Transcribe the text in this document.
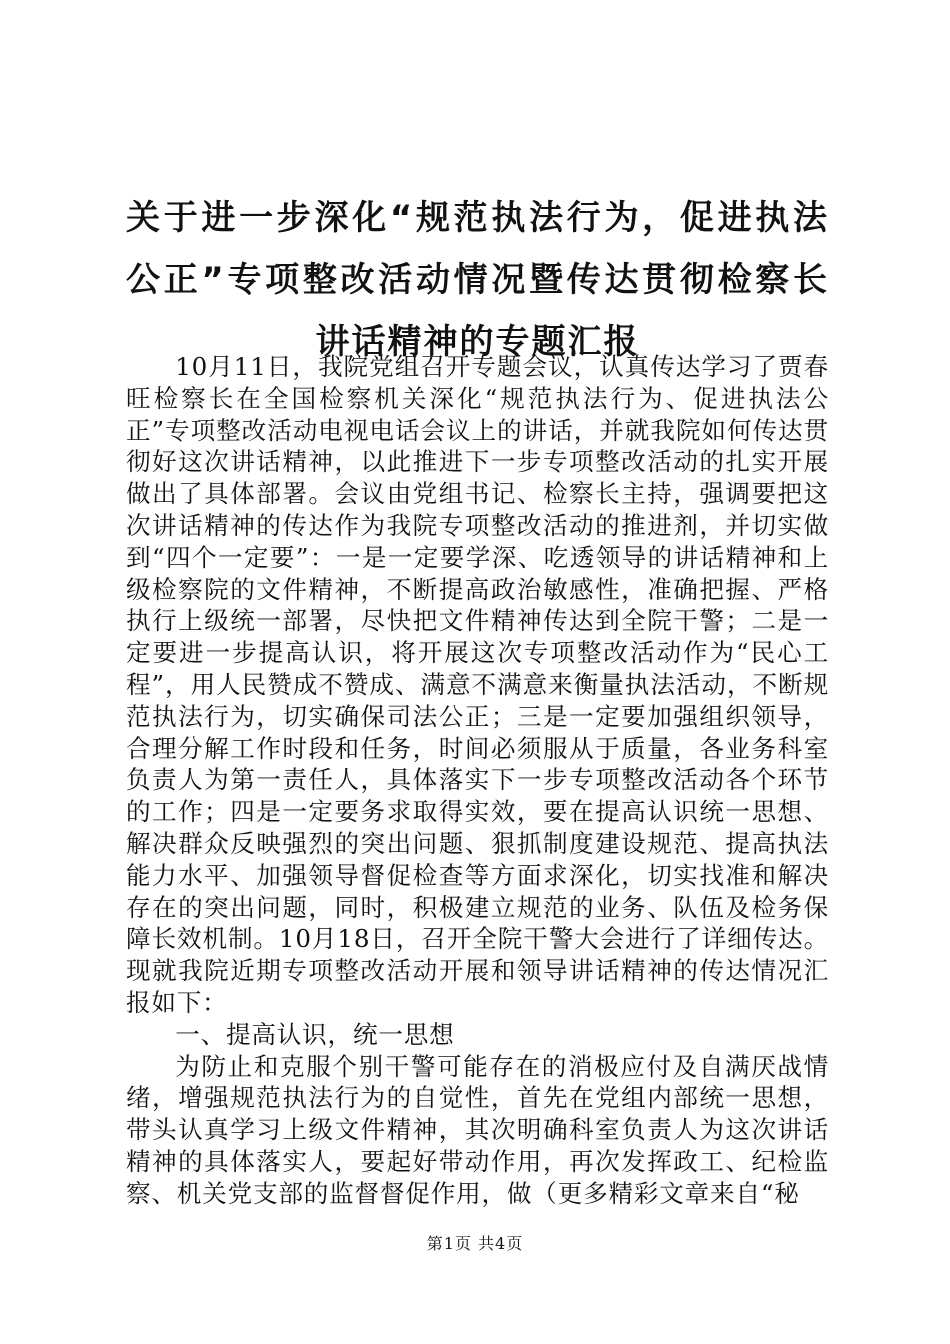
关于进一步深化“规范执法行为，促进执法公正”专项整改活动情况暨传达贯彻检察长讲话精神的专题汇报

10月11日，我院党组召开专题会议，认真传达学习了贾春旺检察长在全国检察机关深化“规范执法行为、促进执法公正”专项整改活动电视电话会议上的讲话，并就我院如何传达贯彻好这次讲话精神，以此推进下一步专项整改活动的扎实开展做出了具体部署。会议由党组书记、检察长主持，强调要把这次讲话精神的传达作为我院专项整改活动的推进剂，并切实做到“四个一定要”：一是一定要学深、吃透领导的讲话精神和上级检察院的文件精神，不断提高政治敏感性，准确把握、严格执行上级统一部署，尽快把文件精神传达到全院干警；二是一定要进一步提高认识，将开展这次专项整改活动作为“民心工程”，用人民赞成不赞成、满意不满意来衡量执法活动，不断规范执法行为，切实确保司法公正；三是一定要加强组织领导，合理分解工作时段和任务，时间必须服从于质量，各业务科室负责人为第一责任人，具体落实下一步专项整改活动各个环节的工作；四是一定要务求取得实效，要在提高认识统一思想、解决群众反映强烈的突出问题、狠抓制度建设规范、提高执法能力水平、加强领导督促检查等方面求深化，切实找准和解决存在的突出问题，同时，积极建立规范的业务、队伍及检务保障长效机制。10月18日，召开全院干警大会进行了详细传达。现就我院近期专项整改活动开展和领导讲话精神的传达情况汇报如下：

一、提高认识，统一思想

为防止和克服个别干警可能存在的消极应付及自满厌战情绪，增强规范执法行为的自觉性，首先在党组内部统一思想，带头认真学习上级文件精神，其次明确科室负责人为这次讲话精神的具体落实人，要起好带动作用，再次发挥政工、纪检监察、机关党支部的监督督促作用，做（更多精彩文章来自“秘

第1页 共4页
